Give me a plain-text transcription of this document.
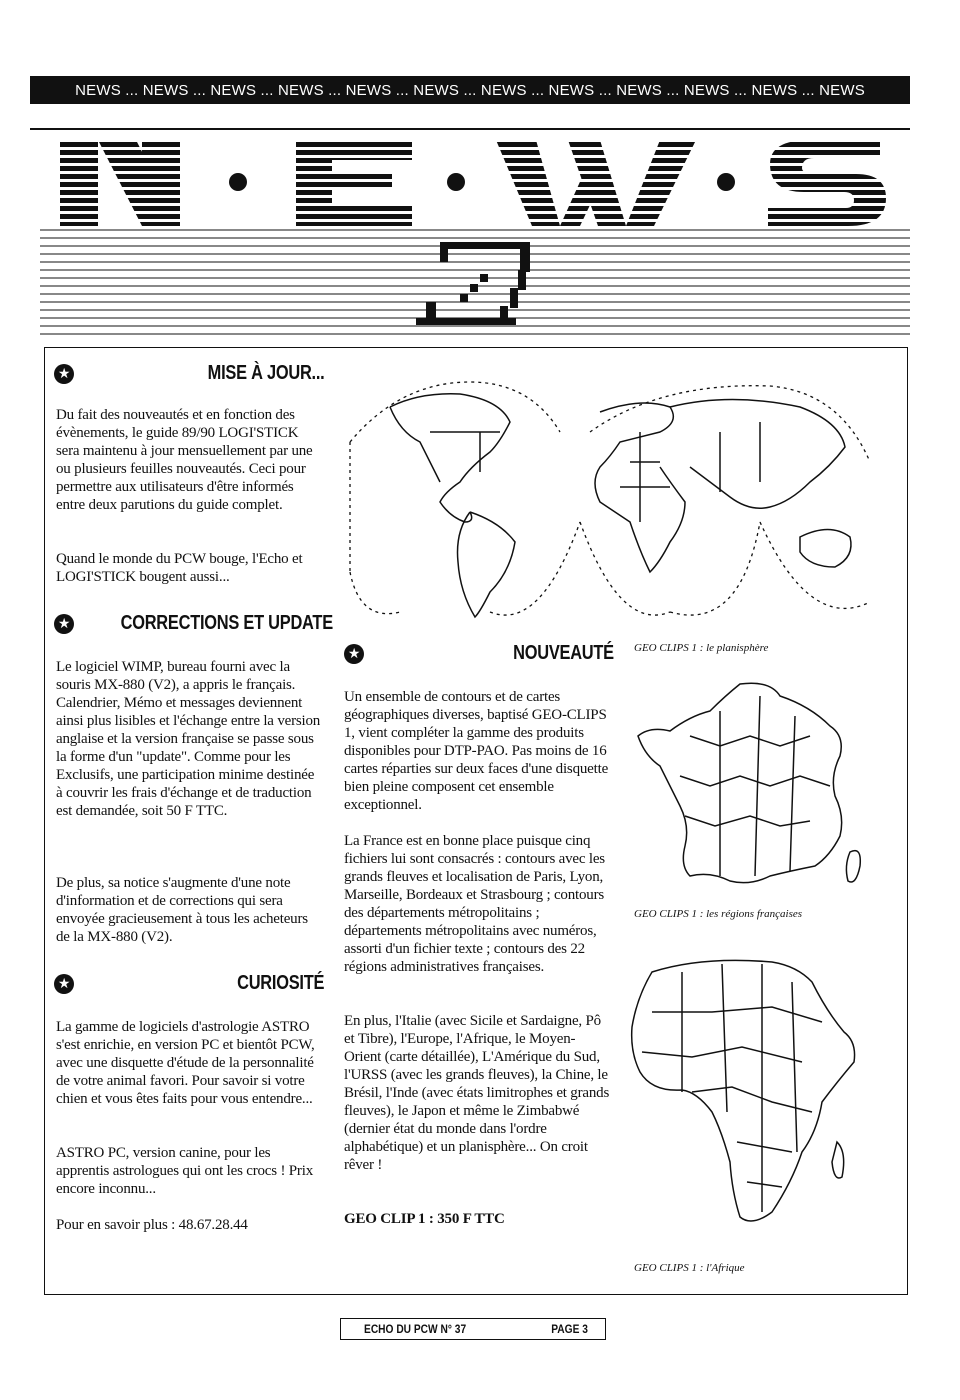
NEWS ... NEWS ... NEWS ... NEWS ... NEWS ... NEWS ... NEWS ... NEWS ... NEWS ... NEWS ... NEWS ... NEWS
★
MISE À JOUR...

Du fait des nouveautés et en fonction des évènements, le guide 89/90 LOGI'STICK sera maintenu à jour mensuellement par une ou plusieurs feuilles nouveautés. Ceci pour permettre aux utilisateurs d'être informés entre deux parutions du guide complet.

Quand le monde du PCW bouge, l'Echo et LOGI'STICK bougent aussi...

★
CORRECTIONS ET UPDATE

Le logiciel WIMP, bureau fourni avec la souris MX-880 (V2), a appris le français. Calendrier, Mémo et messages deviennent ainsi plus lisibles et l'échange entre la version anglaise et la version française se passe sous la forme d'un "update". Comme pour les Exclusifs, une participation minime destinée à couvrir les frais d'échange et de traduction est demandée, soit 50 F TTC.

De plus, sa notice s'augmente d'une note d'information et de corrections qui sera envoyée gracieusement à tous les acheteurs de la MX-880 (V2).

★
CURIOSITÉ

La gamme de logiciels d'astrologie ASTRO s'est enrichie, en version PC et bientôt PCW, avec une disquette d'étude de la personnalité de votre animal favori. Pour savoir si votre chien et vous êtes faits pour vous entendre...

ASTRO PC, version canine, pour les apprentis astrologues qui ont les crocs ! Prix encore inconnu...

Pour en savoir plus : 48.67.28.44

GEO CLIPS 1 : le planisphère
★
NOUVEAUTÉ

Un ensemble de contours et de cartes géographiques diverses, baptisé GEO-CLIPS 1, vient compléter la gamme des produits disponibles pour DTP-PAO. Pas moins de 16 cartes réparties sur deux faces d'une disquette bien pleine composent cet ensemble exceptionnel.

La France est en bonne place puisque cinq fichiers lui sont consacrés : contours avec les grands fleuves et localisation de Paris, Lyon, Marseille, Bordeaux et Strasbourg ; contours des départements métropolitains ; départements métropolitains avec numéros, assorti d'un fichier texte ; contours des 22 régions administratives françaises.

En plus, l'Italie (avec Sicile et Sardaigne, Pô et Tibre), l'Europe, l'Afrique, le Moyen-Orient (carte détaillée), L'Amérique du Sud, l'URSS (avec les grands fleuves), la Chine, le Brésil, l'Inde (avec états limitrophes et grands fleuves), le Japon et même le Zimbabwé (dernier état du monde dans l'ordre alphabétique) et un planisphère... On croit rêver !

GEO CLIP 1 : 350 F TTC

GEO CLIPS 1 : les régions françaises
GEO CLIPS 1 : l'Afrique
ECHO DU PCW N° 37	PAGE 3
